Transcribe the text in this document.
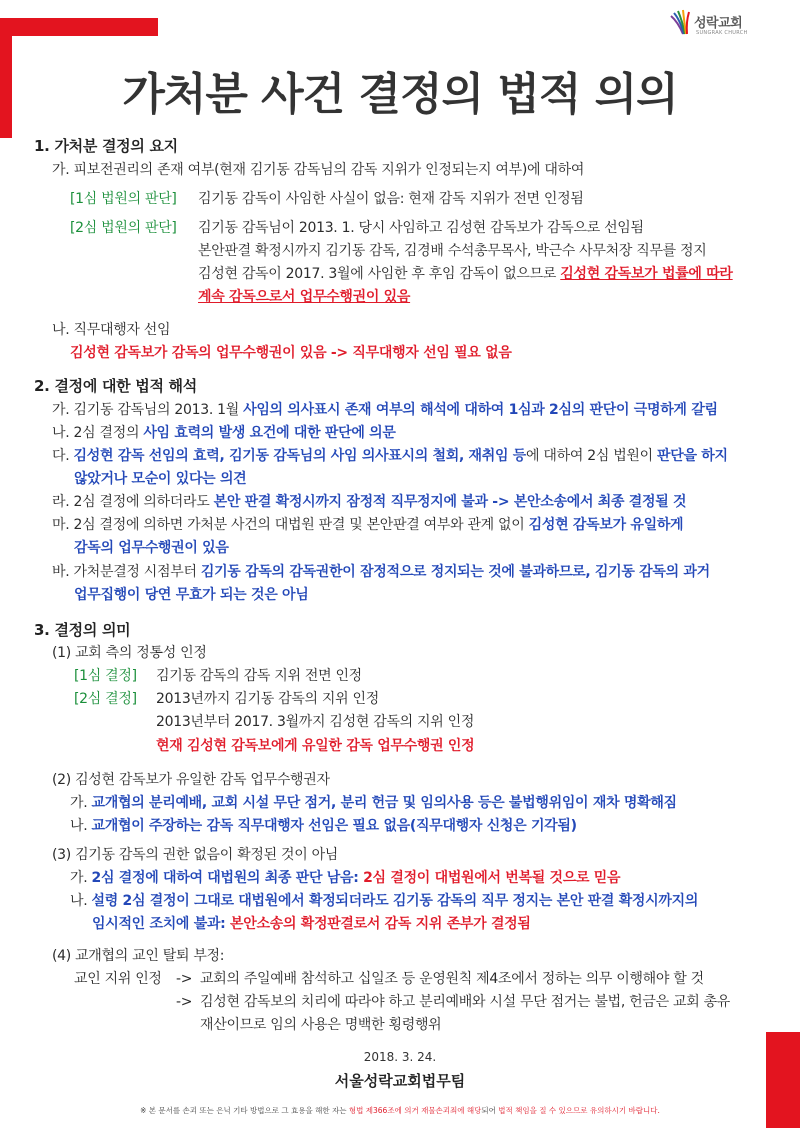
성락교회
SUNGRAK CHURCH
가처분 사건 결정의 법적 의의
1. 가처분 결정의 요지
가. 피보전권리의 존재 여부(현재 김기동 감독님의 감독 지위가 인정되는지 여부)에 대하여
[1심 법원의 판단] 김기동 감독이 사임한 사실이 없음: 현재 감독 지위가 전면 인정됨
[2심 법원의 판단] 김기동 감독님이 2013. 1. 당시 사임하고 김성현 감독보가 감독으로 선임됨
본안판결 확정시까지 김기동 감독, 김경배 수석총무목사, 박근수 사무처장 직무를 정지
김성현 감독이 2017. 3월에 사임한 후 후임 감독이 없으므로 김성현 감독보가 법률에 따라
계속 감독으로서 업무수행권이 있음
나. 직무대행자 선임
김성현 감독보가 감독의 업무수행권이 있음 -> 직무대행자 선임 필요 없음
2. 결정에 대한 법적 해석
가. 김기동 감독님의 2013. 1월 사임의 의사표시 존재 여부의 해석에 대하여 1심과 2심의 판단이 극명하게 갈림
나. 2심 결정의 사임 효력의 발생 요건에 대한 판단에 의문
다. 김성현 감독 선임의 효력, 김기동 감독님의 사임 의사표시의 철회, 재취임 등에 대하여 2심 법원이 판단을 하지
않았거나 모순이 있다는 의견
라. 2심 결정에 의하더라도 본안 판결 확정시까지 잠정적 직무정지에 불과 -> 본안소송에서 최종 결정될 것
마. 2심 결정에 의하면 가처분 사건의 대법원 판결 및 본안판결 여부와 관계 없이 김성현 감독보가 유일하게
감독의 업무수행권이 있음
바. 가처분결정 시점부터 김기동 감독의 감독권한이 잠정적으로 정지되는 것에 불과하므로, 김기동 감독의 과거
업무집행이 당연 무효가 되는 것은 아님
3. 결정의 의미
(1) 교회 측의 정통성 인정
[1심 결정] 김기동 감독의 감독 지위 전면 인정
[2심 결정] 2013년까지 김기동 감독의 지위 인정
2013년부터 2017. 3월까지 김성현 감독의 지위 인정
현재 김성현 감독보에게 유일한 감독 업무수행권 인정
(2) 김성현 감독보가 유일한 감독 업무수행권자
가. 교개협의 분리예배, 교회 시설 무단 점거, 분리 헌금 및 임의사용 등은 불법행위임이 재차 명확해짐
나. 교개협이 주장하는 감독 직무대행자 선임은 필요 없음(직무대행자 신청은 기각됨)
(3) 김기동 감독의 권한 없음이 확정된 것이 아님
가. 2심 결정에 대하여 대법원의 최종 판단 남음: 2심 결정이 대법원에서 번복될 것으로 믿음
나. 설령 2심 결정이 그대로 대법원에서 확정되더라도 김기동 감독의 직무 정지는 본안 판결 확정시까지의
임시적인 조치에 불과: 본안소송의 확정판결로서 감독 지위 존부가 결정됨
(4) 교개협의 교인 탈퇴 부정:
교인 지위 인정 -> 교회의 주일예배 참석하고 십일조 등 운영원칙 제4조에서 정하는 의무 이행해야 할 것
-> 김성현 감독보의 치리에 따라야 하고 분리예배와 시설 무단 점거는 불법, 헌금은 교회 총유
재산이므로 임의 사용은 명백한 횡령행위
2018. 3. 24.
서울성락교회법무팀
※ 본 문서를 손괴 또는 은닉 기타 방법으로 그 효용을 해한 자는 형법 제366조에 의거 재물손괴죄에 해당되어 법적 책임을 질 수 있으므로 유의하시기 바랍니다.
